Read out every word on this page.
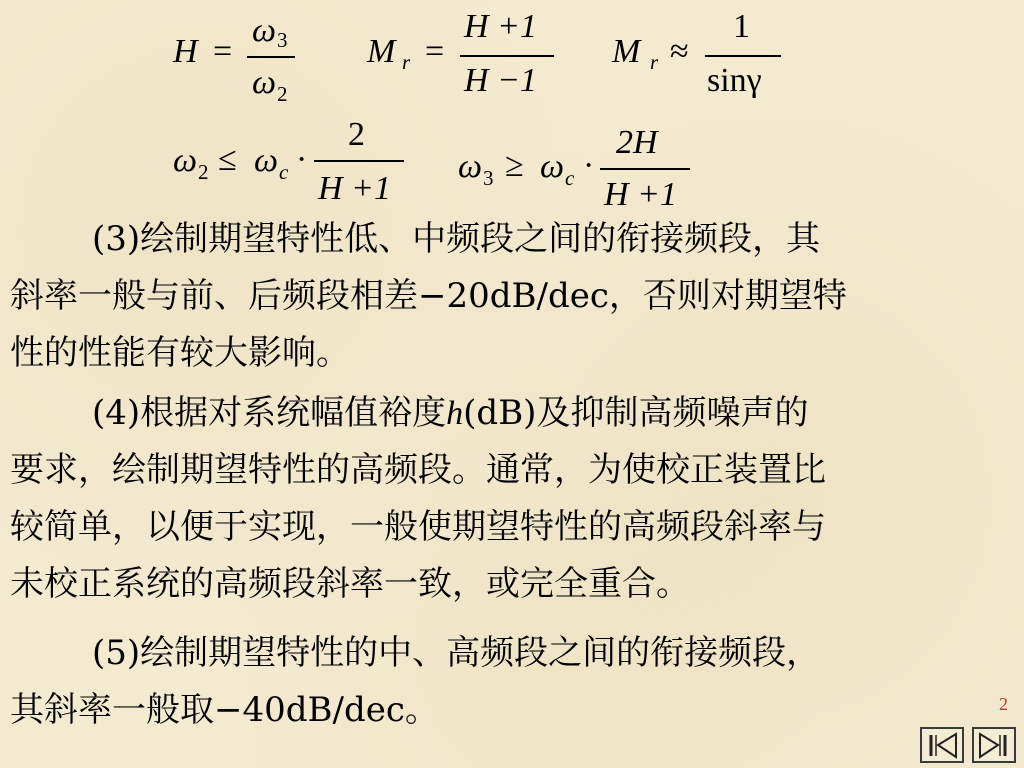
H =
ω 3
ω 2
M r =
H +1
H −1
M r ≈
1
sinγ
ω 2 ≤ ω c ·
2
H +1
ω 3 ≥ ω c ·
2H
H +1
(3)绘制期望特性低、中频段之间的衔接频段，其
斜率一般与前、后频段相差−20dB/dec，否则对期望特
性的性能有较大影响。
(4)根据对系统幅值裕度h(dB)及抑制高频噪声的
要求，绘制期望特性的高频段。通常，为使校正装置比
较简单，以便于实现，一般使期望特性的高频段斜率与
未校正系统的高频段斜率一致，或完全重合。
(5)绘制期望特性的中、高频段之间的衔接频段，
其斜率一般取−40dB/dec。	2
